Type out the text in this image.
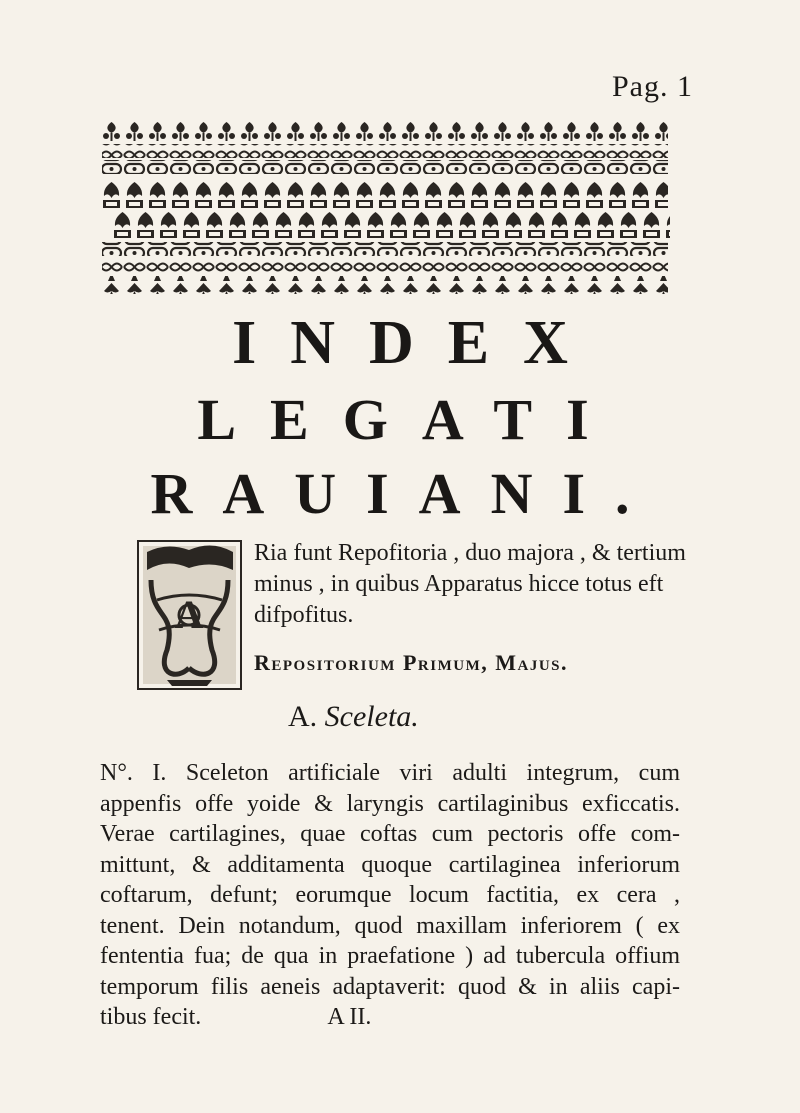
Pag. 1
INDEX
LEGATI
RAUIANI.
A
Ria funt Repofitoria , duo majora , & tertium minus , in quibus Apparatus hicce totus eft difpofitus.
Repositorium Primum, Majus.
A. Sceleta.
N°. I. Sceleton artificiale viri adulti integrum, cum
appenfis offe yoide & laryngis cartilaginibus exficcatis.
Verae cartilagines, quae coftas cum pectoris offe com-
mittunt, & additamenta quoque cartilaginea inferiorum
coftarum, defunt; eorumque locum factitia, ex cera ,
tenent. Dein notandum, quod maxillam inferiorem ( ex
fententia fua; de qua in praefatione ) ad tubercula offium
temporum filis aeneis adaptaverit: quod & in aliis capi-
tibus fecit.	A II.
